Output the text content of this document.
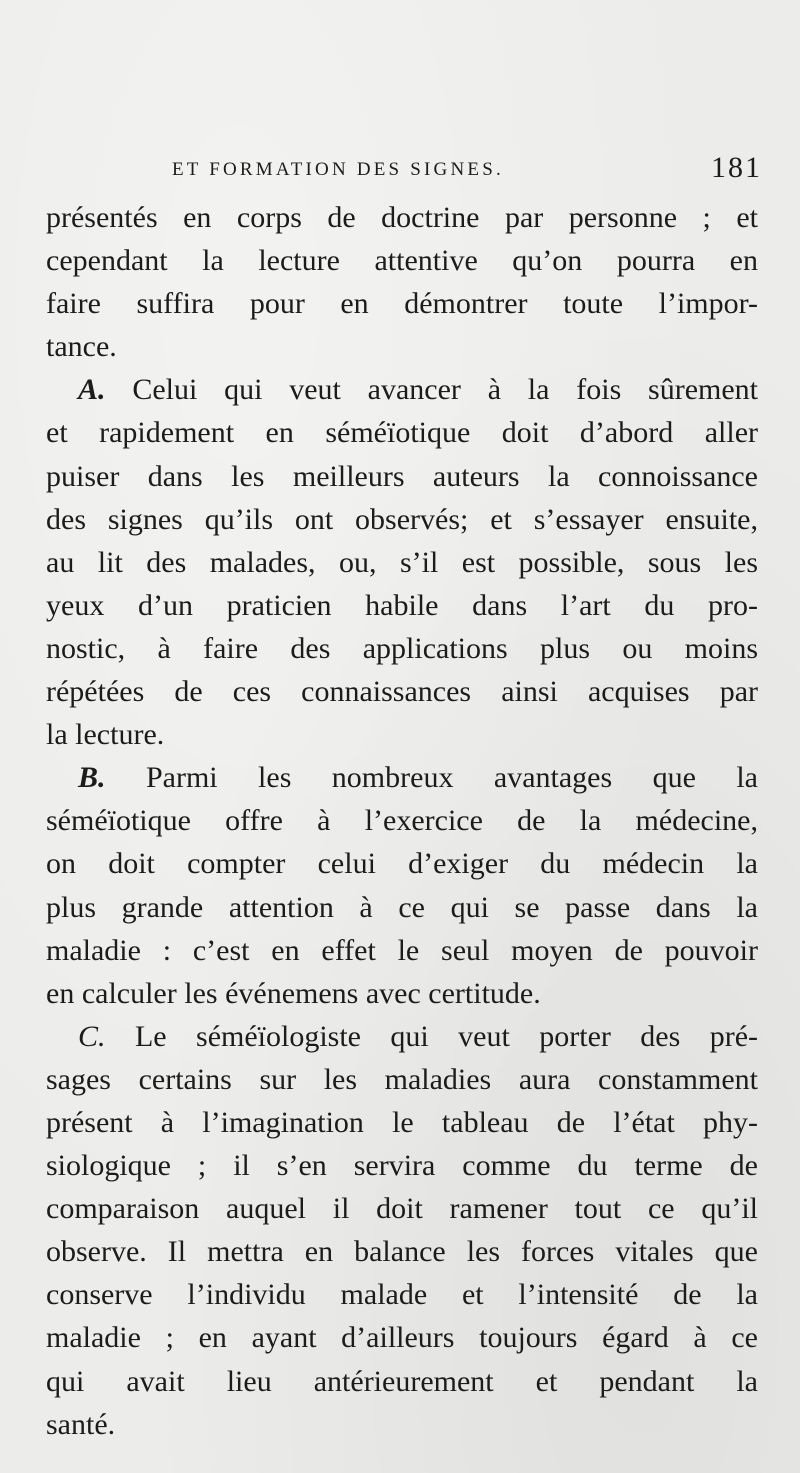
ET FORMATION DES SIGNES.	181
présentés en corps de doctrine par personne ; et
cependant la lecture attentive qu’on pourra en
faire suffira pour en démontrer toute l’impor-
tance.
A. Celui qui veut avancer à la fois sûrement
et rapidement en séméïotique doit d’abord aller
puiser dans les meilleurs auteurs la connoissance
des signes qu’ils ont observés; et s’essayer ensuite,
au lit des malades, ou, s’il est possible, sous les
yeux d’un praticien habile dans l’art du pro-
nostic, à faire des applications plus ou moins
répétées de ces connaissances ainsi acquises par
la lecture.
B. Parmi les nombreux avantages que la
séméïotique offre à l’exercice de la médecine,
on doit compter celui d’exiger du médecin la
plus grande attention à ce qui se passe dans la
maladie : c’est en effet le seul moyen de pouvoir
en calculer les événemens avec certitude.
C. Le séméïologiste qui veut porter des pré-
sages certains sur les maladies aura constamment
présent à l’imagination le tableau de l’état phy-
siologique ; il s’en servira comme du terme de
comparaison auquel il doit ramener tout ce qu’il
observe. Il mettra en balance les forces vitales que
conserve l’individu malade et l’intensité de la
maladie ; en ayant d’ailleurs toujours égard à ce
qui avait lieu antérieurement et pendant la
santé.
